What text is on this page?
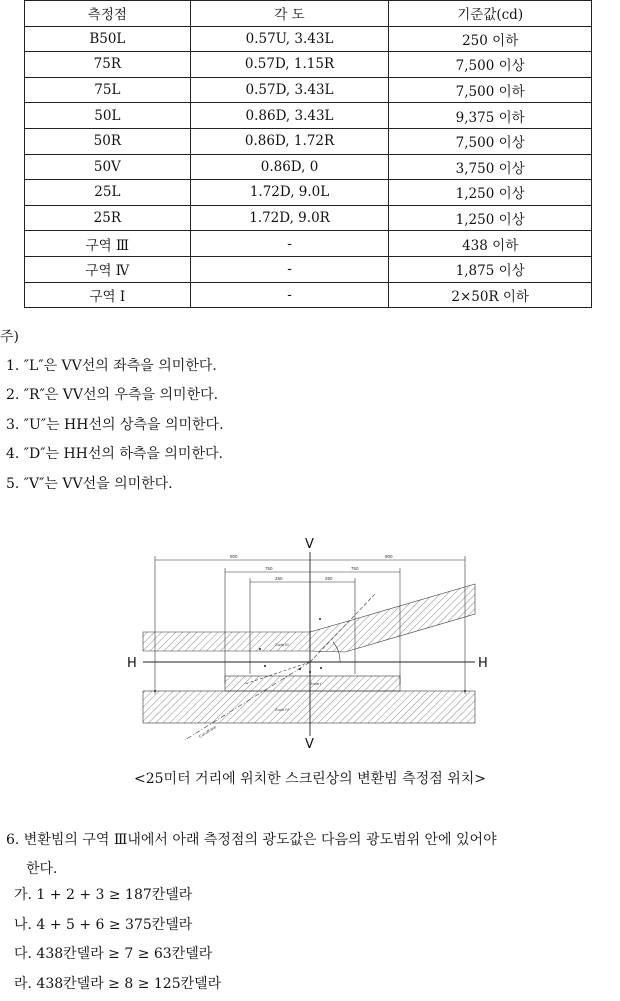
측정점	각 도	기준값(cd)
B50L	0.57U, 3.43L	250 이하
75R	0.57D, 1.15R	7,500 이상
75L	0.57D, 3.43L	7,500 이하
50L	0.86D, 3.43L	9,375 이하
50R	0.86D, 1.72R	7,500 이상
50V	0.86D, 0	3,750 이상
25L	1.72D, 9.0L	1,250 이상
25R	1.72D, 9.0R	1,250 이상
구역 Ⅲ	-	438 이하
구역 Ⅳ	-	1,875 이상
구역 Ⅰ	-	2×50R 이하
주)
1. ″L″은 VV선의 좌측을 의미한다.
2. ″R″은 VV선의 우측을 의미한다.
3. ″U″는 HH선의 상측을 의미한다.
4. ″D″는 HH선의 하측을 의미한다.
5. ″V″는 VV선을 의미한다.
900
750
250	250
750
900
Zone III
Zone I
Zone IV
Cut-off line
V
V
H	H
<25미터 거리에 위치한 스크린상의 변환빔 측정점 위치>
6. 변환빔의 구역 Ⅲ내에서 아래 측정점의 광도값은 다음의 광도범위 안에 있어야
한다.
가. 1 + 2 + 3 ≥ 187칸델라
나. 4 + 5 + 6 ≥ 375칸델라
다. 438칸델라 ≥ 7 ≥ 63칸델라
라. 438칸델라 ≥ 8 ≥ 125칸델라
